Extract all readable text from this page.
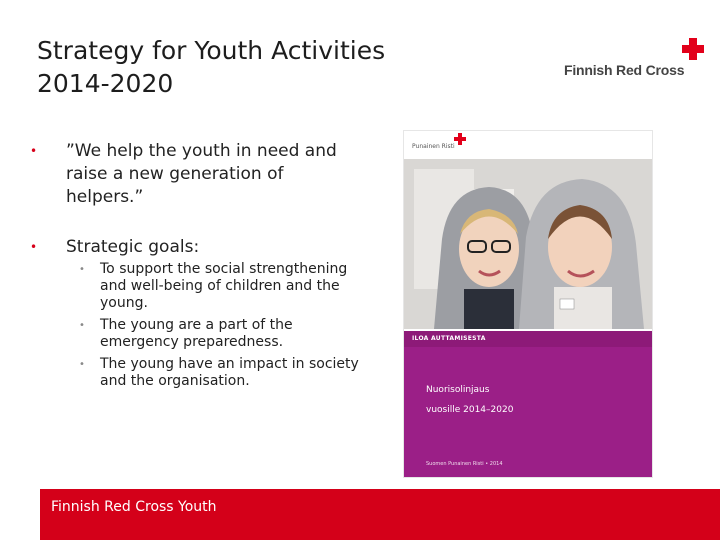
Strategy for Youth Activities
2014-2020	Finnish Red Cross
• ”We help the youth in need and raise a new generation of helpers.”
• Strategic goals:
• To support the social strengthening and well-being of children and the young.
• The young are a part of the emergency preparedness.
• The young have an impact in society and the organisation.
Punainen Risti
ILOA AUTTAMISESTA
Nuorisolinjaus
vuosille 2014–2020
Suomen Punainen Risti • 2014
Finnish Red Cross Youth
